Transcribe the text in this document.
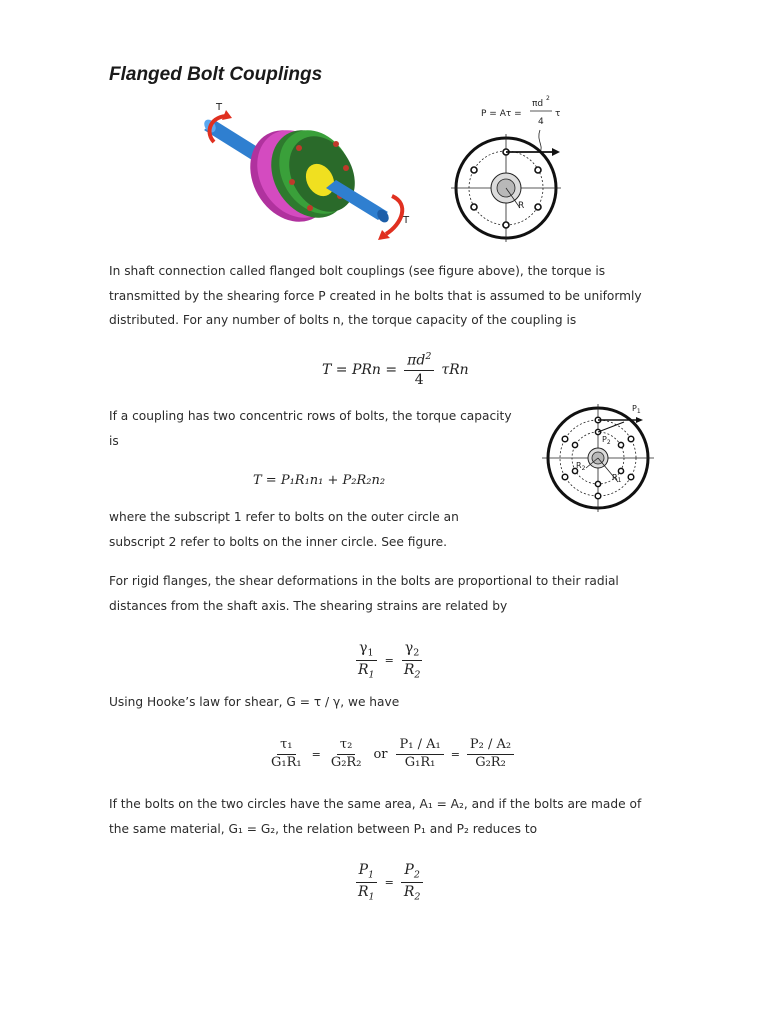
Flanged Bolt Couplings
T
T
P = Aτ =
πd
2
4
τ
R
In shaft connection called flanged bolt couplings (see figure above), the torque is
transmitted by the shearing force P created in he bolts that is assumed to be uniformly
distributed. For any number of bolts n, the torque capacity of the coupling is
T = PRn = $\frac{\pi d^2}{4}$ τRn
If a coupling has two concentric rows of bolts, the torque capacity
is
$P_1$
$P_2$
$R_2$
$R_1$
T = P₁R₁n₁ + P₂R₂n₂
where the subscript 1 refer to bolts on the outer circle an
subscript 2 refer to bolts on the inner circle. See figure.
For rigid flanges, the shear deformations in the bolts are proportional to their radial
distances from the shaft axis. The shearing strains are related by
$\frac{\gamma_1}{R_1} = \frac{\gamma_2}{R_2}$
Using Hooke’s law for shear, G = τ / γ, we have
$\frac{\text{τ₁}}{\text{G₁R₁}} = \frac{\text{τ₂}}{\text{G₂R₂}}$ or $\frac{\text{P₁ / A₁}}{\text{G₁R₁}} = \frac{\text{P₂ / A₂}}{\text{G₂R₂}}$
If the bolts on the two circles have the same area, A₁ = A₂, and if the bolts are made of
the same material, G₁ = G₂, the relation between P₁ and P₂ reduces to
$\frac{P_1}{R_1} = \frac{P_2}{R_2}$
